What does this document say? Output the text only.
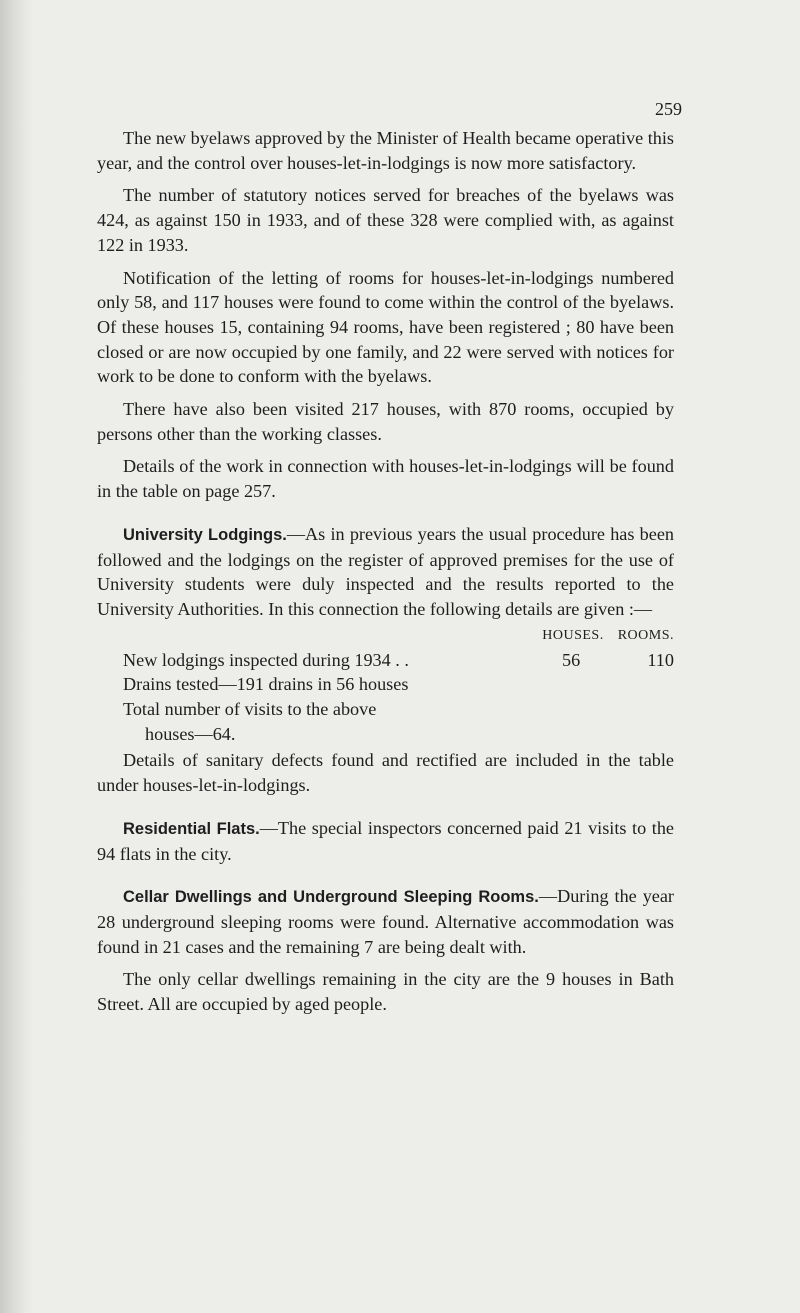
259

The new byelaws approved by the Minister of Health became operative this year, and the control over houses-let-in-lodgings is now more satisfactory.

The number of statutory notices served for breaches of the byelaws was 424, as against 150 in 1933, and of these 328 were complied with, as against 122 in 1933.

Notification of the letting of rooms for houses-let-in-lodgings numbered only 58, and 117 houses were found to come within the control of the byelaws. Of these houses 15, containing 94 rooms, have been registered ; 80 have been closed or are now occupied by one family, and 22 were served with notices for work to be done to conform with the byelaws.

There have also been visited 217 houses, with 870 rooms, occupied by persons other than the working classes.

Details of the work in connection with houses-let-in-lodgings will be found in the table on page 257.

University Lodgings.—As in previous years the usual procedure has been followed and the lodgings on the register of approved premises for the use of University students were duly inspected and the results reported to the University Authorities. In this connection the following details are given :—

HOUSES. ROOMS.
New lodgings inspected during 1934 . .	56	110
Drains tested—191 drains in 56 houses
Total number of visits to the above
houses—64.

Details of sanitary defects found and rectified are included in the table under houses-let-in-lodgings.

Residential Flats.—The special inspectors concerned paid 21 visits to the 94 flats in the city.

Cellar Dwellings and Underground Sleeping Rooms.—During the year 28 underground sleeping rooms were found. Alternative accommodation was found in 21 cases and the remaining 7 are being dealt with.

The only cellar dwellings remaining in the city are the 9 houses in Bath Street. All are occupied by aged people.
